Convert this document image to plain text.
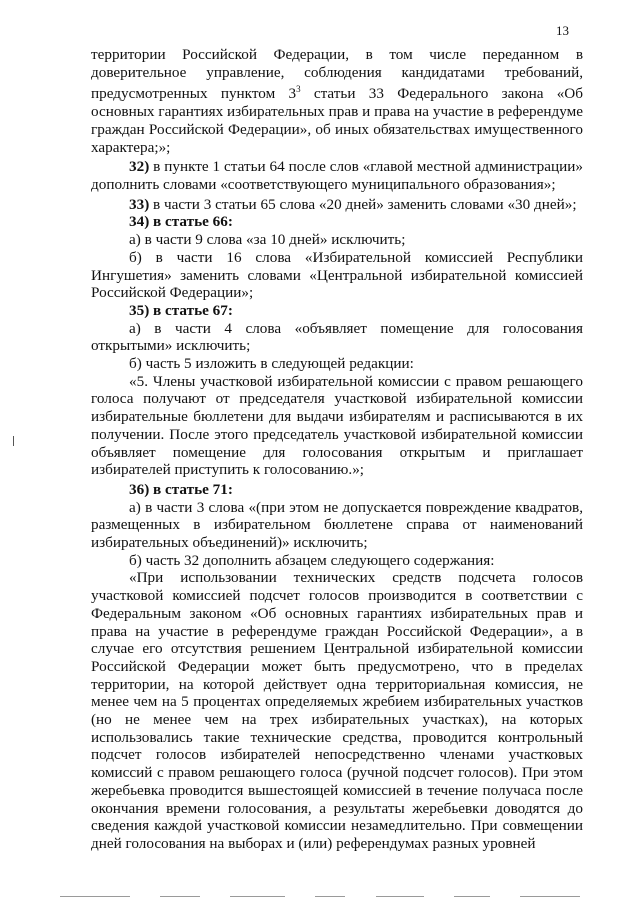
13

территории Российской Федерации, в том числе переданном в доверительное управление, соблюдения кандидатами требований, предусмотренных пунктом $3^3$ статьи 33 Федерального закона «Об основных гарантиях избирательных прав и права на участие в референдуме граждан Российской Федерации», об иных обязательствах имущественного характера;»;

32) в пункте 1 статьи 64 после слов «главой местной администрации» дополнить словами «соответствующего муниципального образования»;

33) в части 3 статьи 65 слова «20 дней» заменить словами «30 дней»;

34) в статье 66:

а) в части 9 слова «за 10 дней» исключить;

б) в части 16 слова «Избирательной комиссией Республики Ингушетия» заменить словами «Центральной избирательной комиссией Российской Федерации»;

35) в статье 67:

а) в части 4 слова «объявляет помещение для голосования открытыми» исключить;

б) часть 5 изложить в следующей редакции:

«5. Члены участковой избирательной комиссии с правом решающего голоса получают от председателя участковой избирательной комиссии избирательные бюллетени для выдачи избирателям и расписываются в их получении. После этого председатель участковой избирательной комиссии объявляет помещение для голосования открытым и приглашает избирателей приступить к голосованию.»;

36) в статье 71:

а) в части 3 слова «(при этом не допускается повреждение квадратов, размещенных в избирательном бюллетене справа от наименований избирательных объединений)» исключить;

б) часть 32 дополнить абзацем следующего содержания:

«При использовании технических средств подсчета голосов участковой комиссией подсчет голосов производится в соответствии с Федеральным законом «Об основных гарантиях избирательных прав и права на участие в референдуме граждан Российской Федерации», а в случае его отсутствия решением Центральной избирательной комиссии Российской Федерации может быть предусмотрено, что в пределах территории, на которой действует одна территориальная комиссия, не менее чем на 5 процентах определяемых жребием избирательных участков (но не менее чем на трех избирательных участках), на которых использовались такие технические средства, проводится контрольный подсчет голосов избирателей непосредственно членами участковых комиссий с правом решающего голоса (ручной подсчет голосов). При этом жеребьевка проводится вышестоящей комиссией в течение получаса после окончания времени голосования, а результаты жеребьевки доводятся до сведения каждой участковой комиссии незамедлительно. При совмещении дней голосования на выборах и (или) референдумах разных уровней
